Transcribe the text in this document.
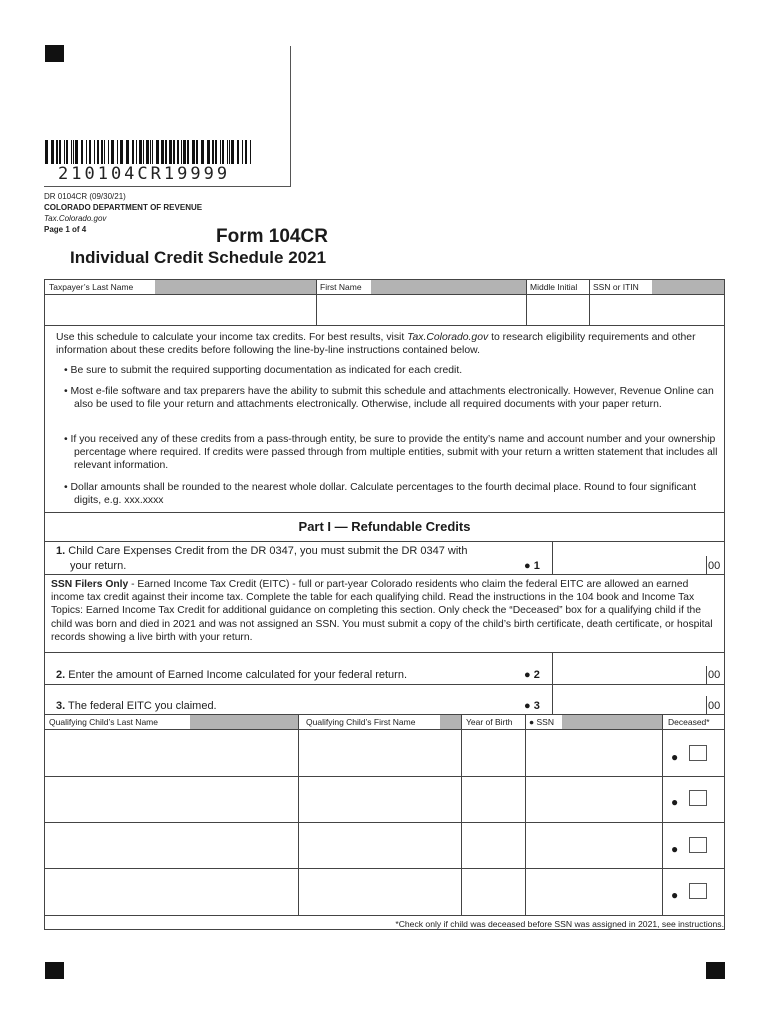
210104CR19999
DR 0104CR (09/30/21)
COLORADO DEPARTMENT OF REVENUE
Tax.Colorado.gov
Page 1 of 4	Form 104CR
Individual Credit Schedule 2021
Taxpayer’s Last Name	First Name	Middle Initial SSN or ITIN
Use this schedule to calculate your income tax credits. For best results, visit Tax.Colorado.gov to research eligibility requirements and other information about these credits before following the line-by-line instructions contained below.
• Be sure to submit the required supporting documentation as indicated for each credit.
• Most e-file software and tax preparers have the ability to submit this schedule and attachments electronically. However, Revenue Online can also be used to file your return and attachments electronically. Otherwise, include all required documents with your paper return.
• If you received any of these credits from a pass-through entity, be sure to provide the entity’s name and account number and your ownership percentage where required. If credits were passed through from multiple entities, submit with your return a written statement that includes all relevant information.
• Dollar amounts shall be rounded to the nearest whole dollar. Calculate percentages to the fourth decimal place. Round to four significant digits, e.g. xxx.xxxx
Part I — Refundable Credits
1. Child Care Expenses Credit from the DR 0347, you must submit the DR 0347 with
your return.	● 1	00
SSN Filers Only - Earned Income Tax Credit (EITC) - full or part-year Colorado residents who claim the federal EITC are allowed an earned income tax credit against their income tax. Complete the table for each qualifying child. Read the instructions in the 104 book and Income Tax Topics: Earned Income Tax Credit for additional guidance on completing this section. Only check the “Deceased” box for a qualifying child if the child was born and died in 2021 and was not assigned an SSN. You must submit a copy of the child’s birth certificate, death certificate, or hospital records showing a live birth with your return.
2. Enter the amount of Earned Income calculated for your federal return.	● 2	00
3. The federal EITC you claimed.	● 3	00
Qualifying Child’s Last Name	Qualifying Child’s First Name	Year of Birth ● SSN	Deceased*
●
●
●
●
*Check only if child was deceased before SSN was assigned in 2021, see instructions.
